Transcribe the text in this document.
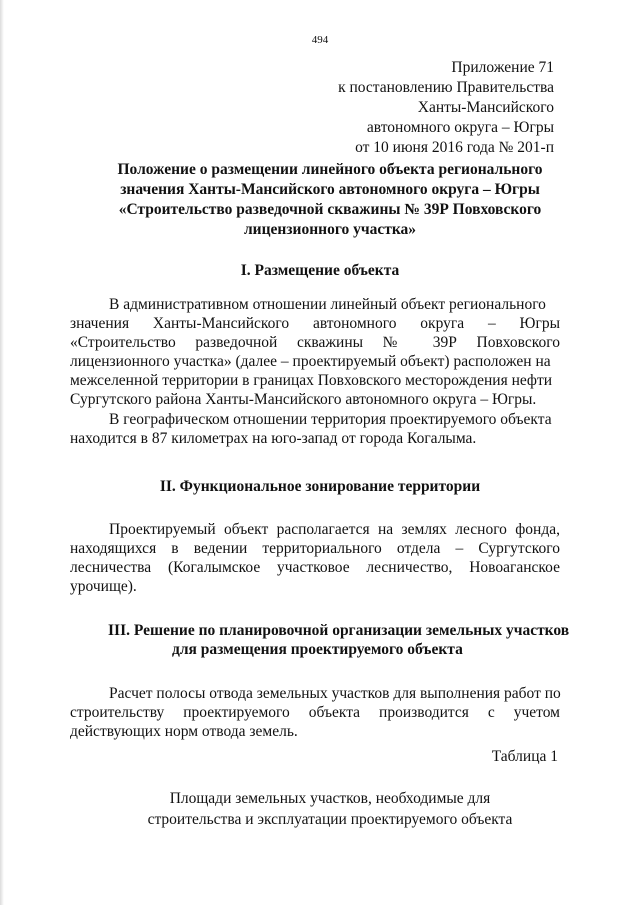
494
Приложение 71
к постановлению Правительства
Ханты-Мансийского
автономного округа – Югры
от 10 июня 2016 года № 201-п
Положение о размещении линейного объекта регионального
значения Ханты-Мансийского автономного округа – Югры
«Строительство разведочной скважины № 39Р Повховского
лицензионного участка»
I. Размещение объекта
В административном отношении линейный объект регионального
значения Ханты-Мансийского автономного округа – Югры
«Строительство разведочной скважины № 39Р Повховского
лицензионного участка» (далее – проектируемый объект) расположен на
межселенной территории в границах Повховского месторождения нефти
Сургутского района Ханты-Мансийского автономного округа – Югры.
В географическом отношении территория проектируемого объекта
находится в 87 километрах на юго-запад от города Когалыма.
II. Функциональное зонирование территории
Проектируемый объект располагается на землях лесного фонда,
находящихся в ведении территориального отдела – Сургутского
лесничества (Когалымское участковое лесничество, Новоаганское
урочище).
III. Решение по планировочной организации земельных участков
для размещения проектируемого объекта
Расчет полосы отвода земельных участков для выполнения работ по
строительству проектируемого объекта производится с учетом
действующих норм отвода земель.
Таблица 1
Площади земельных участков, необходимые для
строительства и эксплуатации проектируемого объекта
